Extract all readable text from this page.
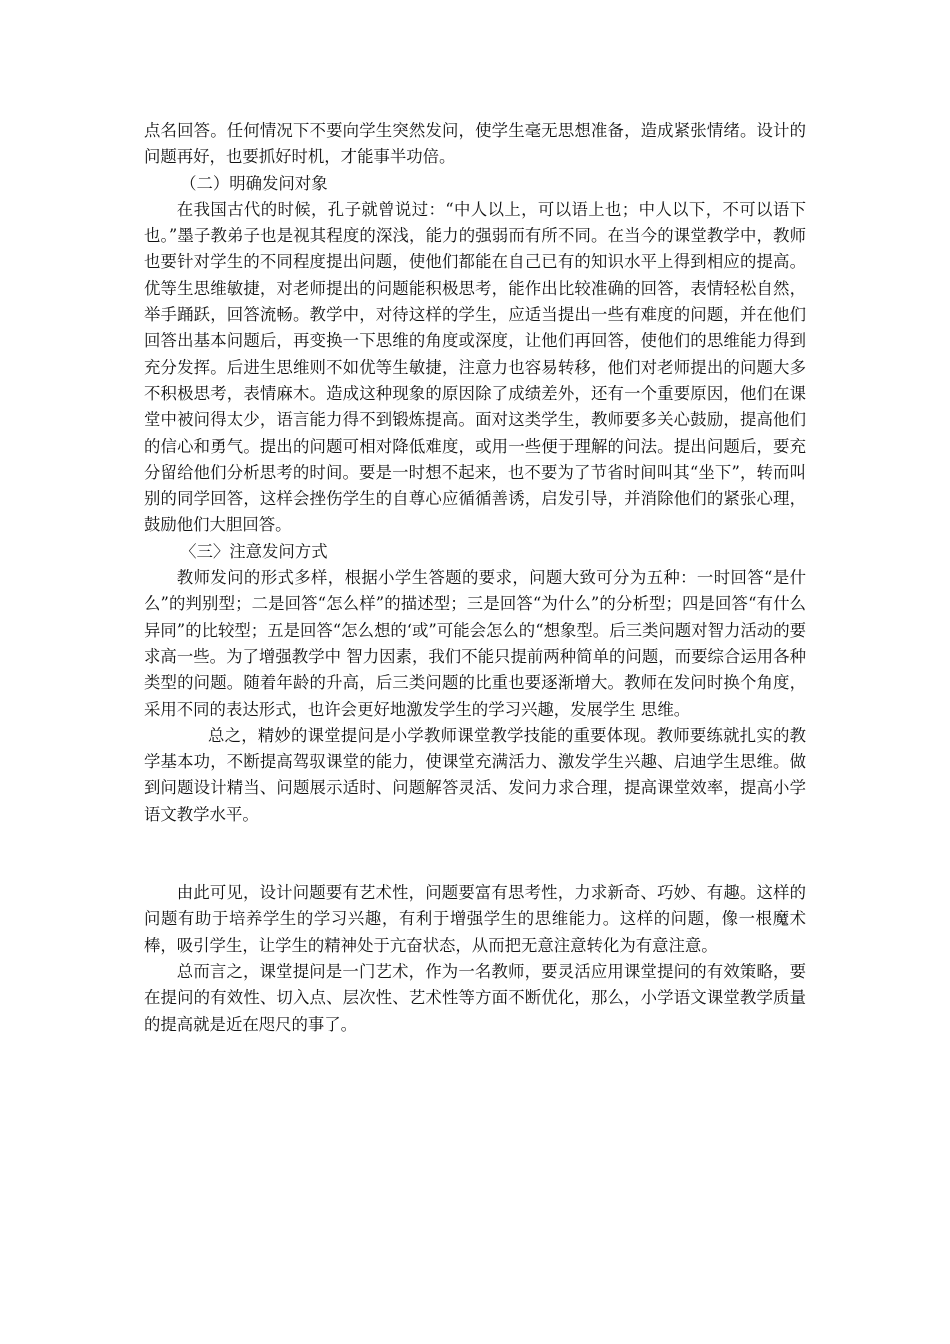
点名回答。任何情况下不要向学生突然发问，使学生毫无思想准备，造成紧张情绪。设计的问题再好，也要抓好时机，才能事半功倍。

（二）明确发问对象

在我国古代的时候，孔子就曾说过：“中人以上，可以语上也；中人以下，不可以语下也。”墨子教弟子也是视其程度的深浅，能力的强弱而有所不同。在当今的课堂教学中，教师也要针对学生的不同程度提出问题，使他们都能在自己已有的知识水平上得到相应的提高。优等生思维敏捷，对老师提出的问题能积极思考，能作出比较准确的回答，表情轻松自然，举手踊跃，回答流畅。教学中，对待这样的学生，应适当提出一些有难度的问题，并在他们回答出基本问题后，再变换一下思维的角度或深度，让他们再回答，使他们的思维能力得到充分发挥。后进生思维则不如优等生敏捷，注意力也容易转移，他们对老师提出的问题大多不积极思考，表情麻木。造成这种现象的原因除了成绩差外，还有一个重要原因，他们在课堂中被问得太少，语言能力得不到锻炼提高。面对这类学生，教师要多关心鼓励，提高他们的信心和勇气。提出的问题可相对降低难度，或用一些便于理解的问法。提出问题后，要充分留给他们分析思考的时间。要是一时想不起来，也不要为了节省时间叫其“坐下”，转而叫别的同学回答，这样会挫伤学生的自尊心应循循善诱，启发引导，并消除他们的紧张心理，鼓励他们大胆回答。

〈三〉注意发问方式

教师发问的形式多样，根据小学生答题的要求，问题大致可分为五种：一时回答“是什么”的判别型；二是回答“怎么样”的描述型；三是回答“为什么”的分析型；四是回答“有什么异同”的比较型；五是回答“怎么想的‘或”可能会怎么的“想象型。后三类问题对智力活动的要求高一些。为了增强教学中 智力因素，我们不能只提前两种简单的问题，而要综合运用各种类型的问题。随着年龄的升高，后三类问题的比重也要逐渐增大。教师在发问时换个角度，采用不同的表达形式，也许会更好地激发学生的学习兴趣，发展学生 思维。

总之，精妙的课堂提问是小学教师课堂教学技能的重要体现。教师要练就扎实的教学基本功，不断提高驾驭课堂的能力，使课堂充满活力、激发学生兴趣、启迪学生思维。做到问题设计精当、问题展示适时、问题解答灵活、发问力求合理，提高课堂效率，提高小学语文教学水平。

由此可见，设计问题要有艺术性，问题要富有思考性，力求新奇、巧妙、有趣。这样的问题有助于培养学生的学习兴趣，有利于增强学生的思维能力。这样的问题，像一根魔术棒，吸引学生，让学生的精神处于亢奋状态，从而把无意注意转化为有意注意。

总而言之，课堂提问是一门艺术，作为一名教师，要灵活应用课堂提问的有效策略，要在提问的有效性、切入点、层次性、艺术性等方面不断优化，那么，小学语文课堂教学质量的提高就是近在咫尺的事了。
